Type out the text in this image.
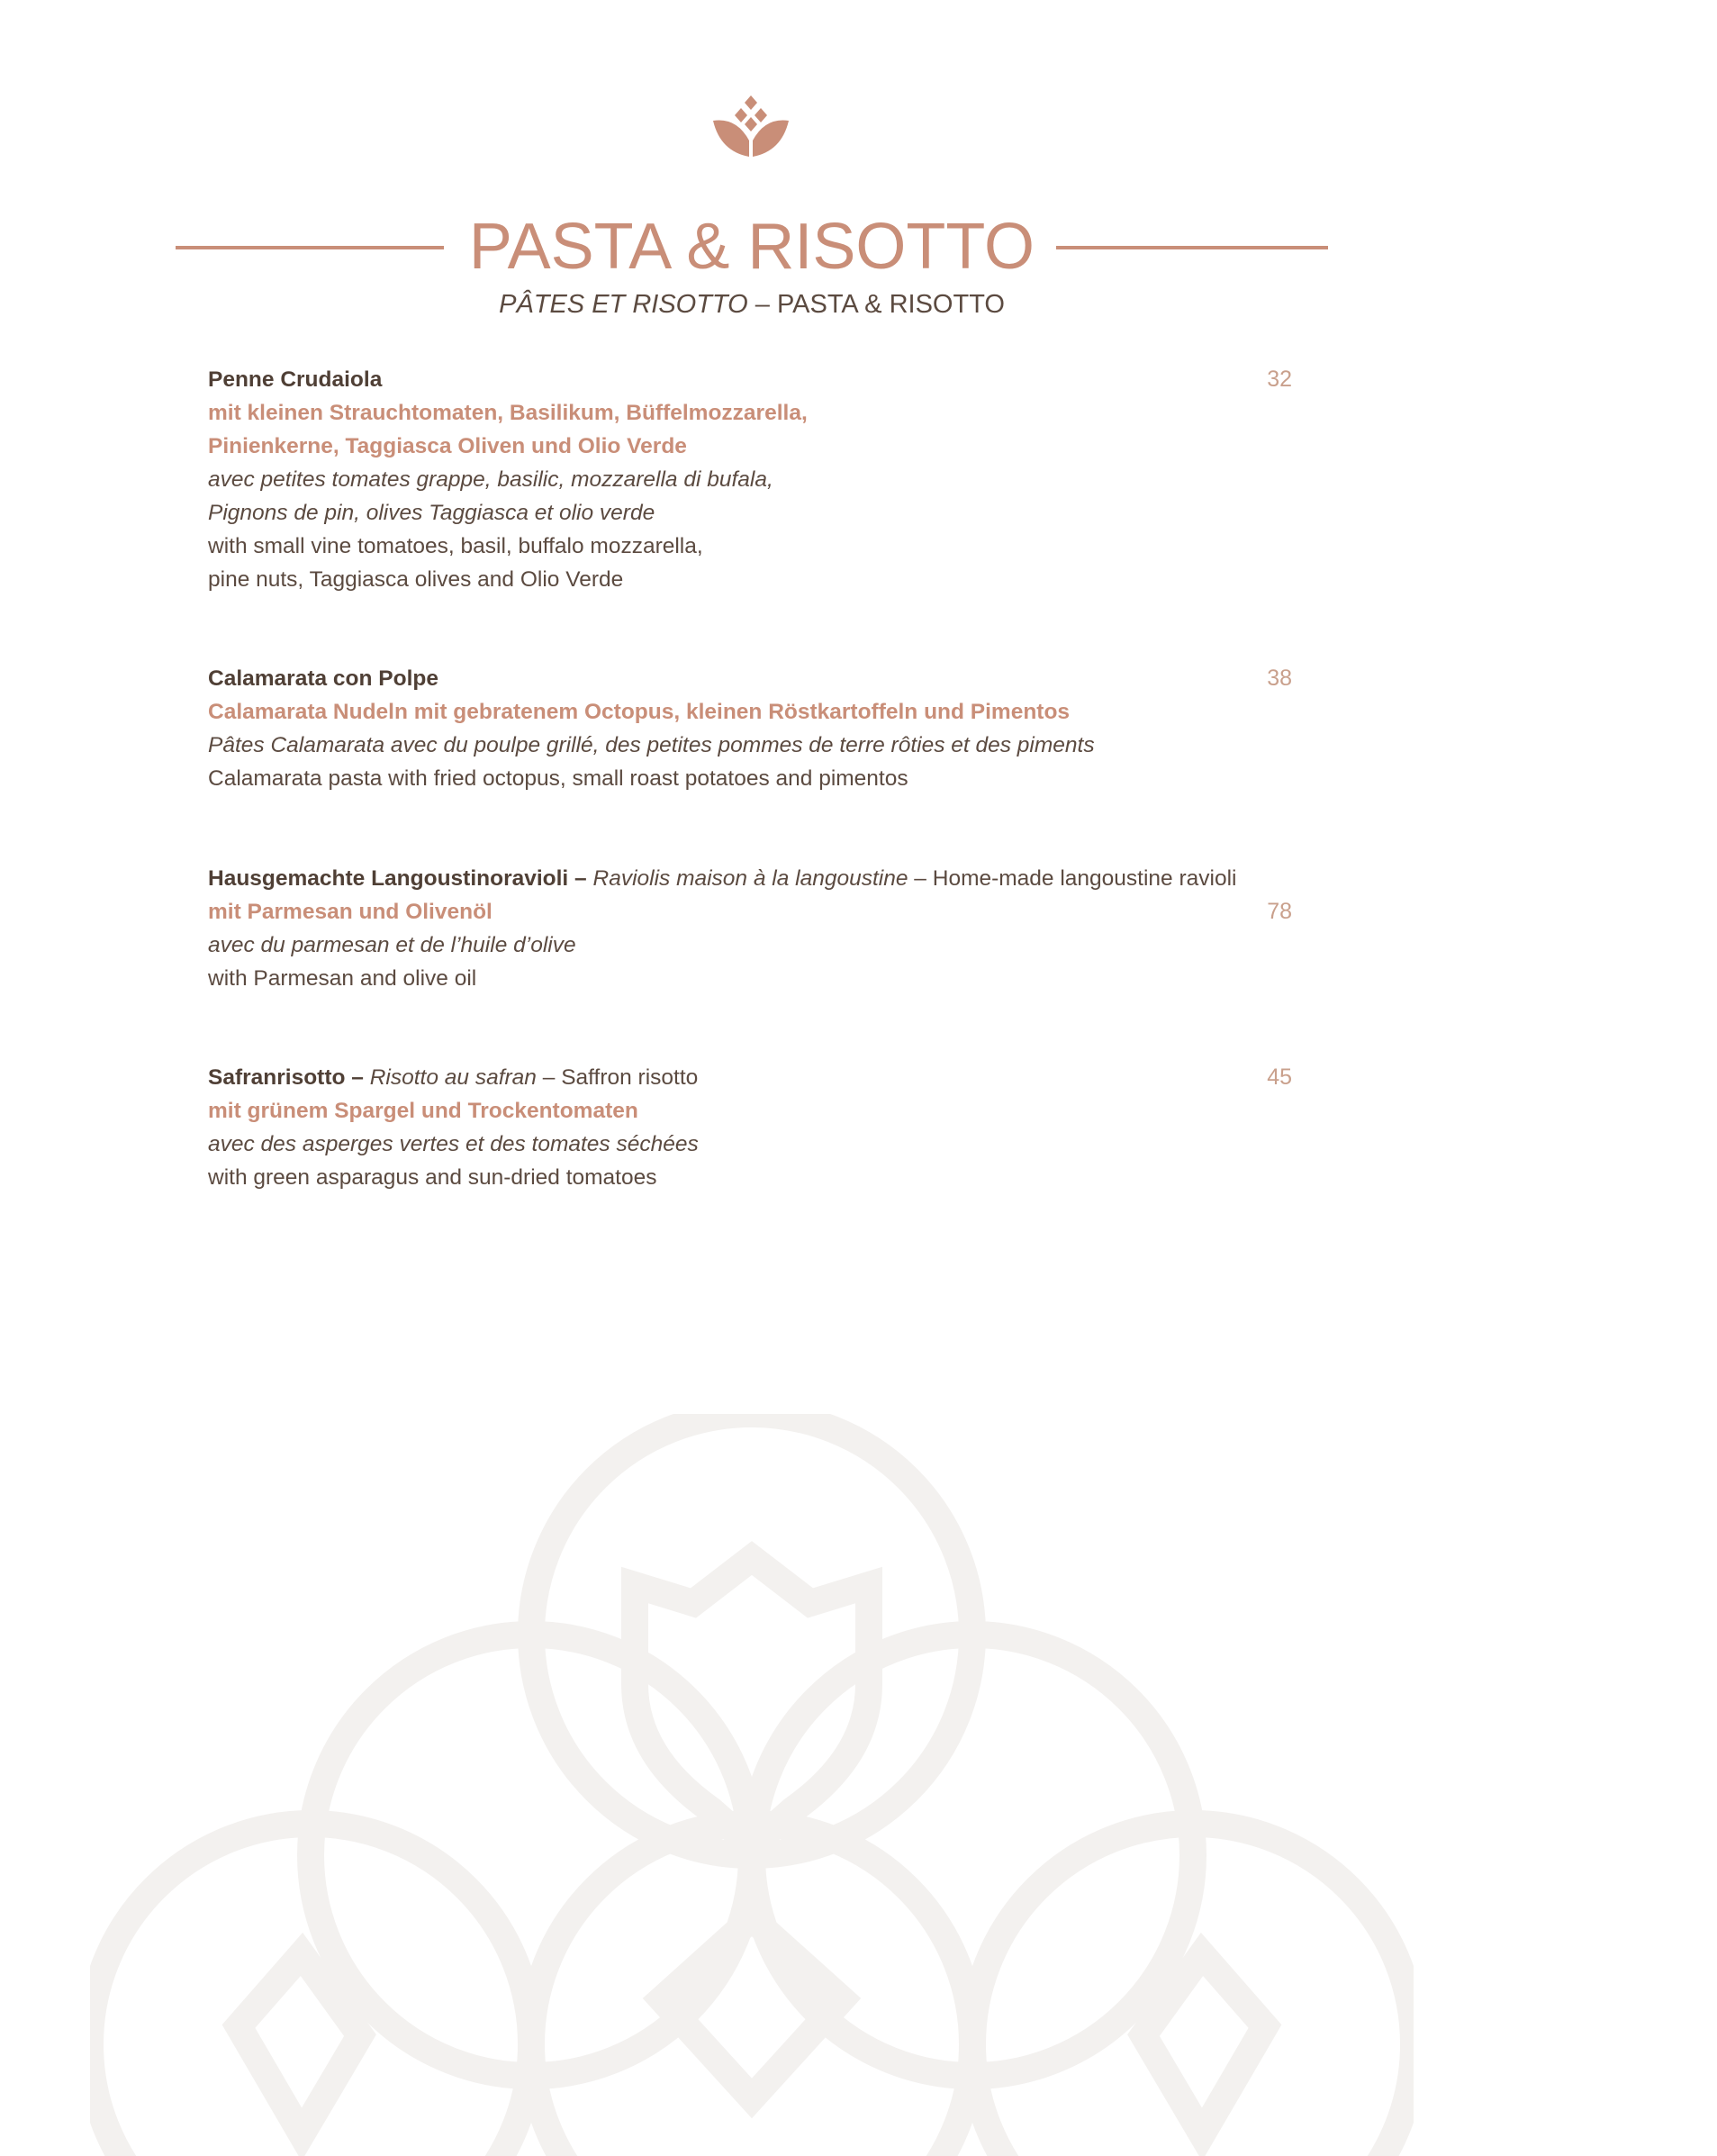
PASTA & RISOTTO
PÂTES ET RISOTTO – PASTA & RISOTTO
Penne Crudaiola	32
mit kleinen Strauchtomaten, Basilikum, Büffelmozzarella,
Pinienkerne, Taggiasca Oliven und Olio Verde
avec petites tomates grappe, basilic, mozzarella di bufala,
Pignons de pin, olives Taggiasca et olio verde
with small vine tomatoes, basil, buffalo mozzarella,
pine nuts, Taggiasca olives and Olio Verde
Calamarata con Polpe	38
Calamarata Nudeln mit gebratenem Octopus, kleinen Röstkartoffeln und Pimentos
Pâtes Calamarata avec du poulpe grillé, des petites pommes de terre rôties et des piments
Calamarata pasta with fried octopus, small roast potatoes and pimentos
Hausgemachte Langoustinoravioli – Raviolis maison à la langoustine – Home-made langoustine ravioli
mit Parmesan und Olivenöl	78
avec du parmesan et de l’huile d’olive
with Parmesan and olive oil
Safranrisotto – Risotto au safran – Saffron risotto	45
mit grünem Spargel und Trockentomaten
avec des asperges vertes et des tomates séchées
with green asparagus and sun-dried tomatoes
